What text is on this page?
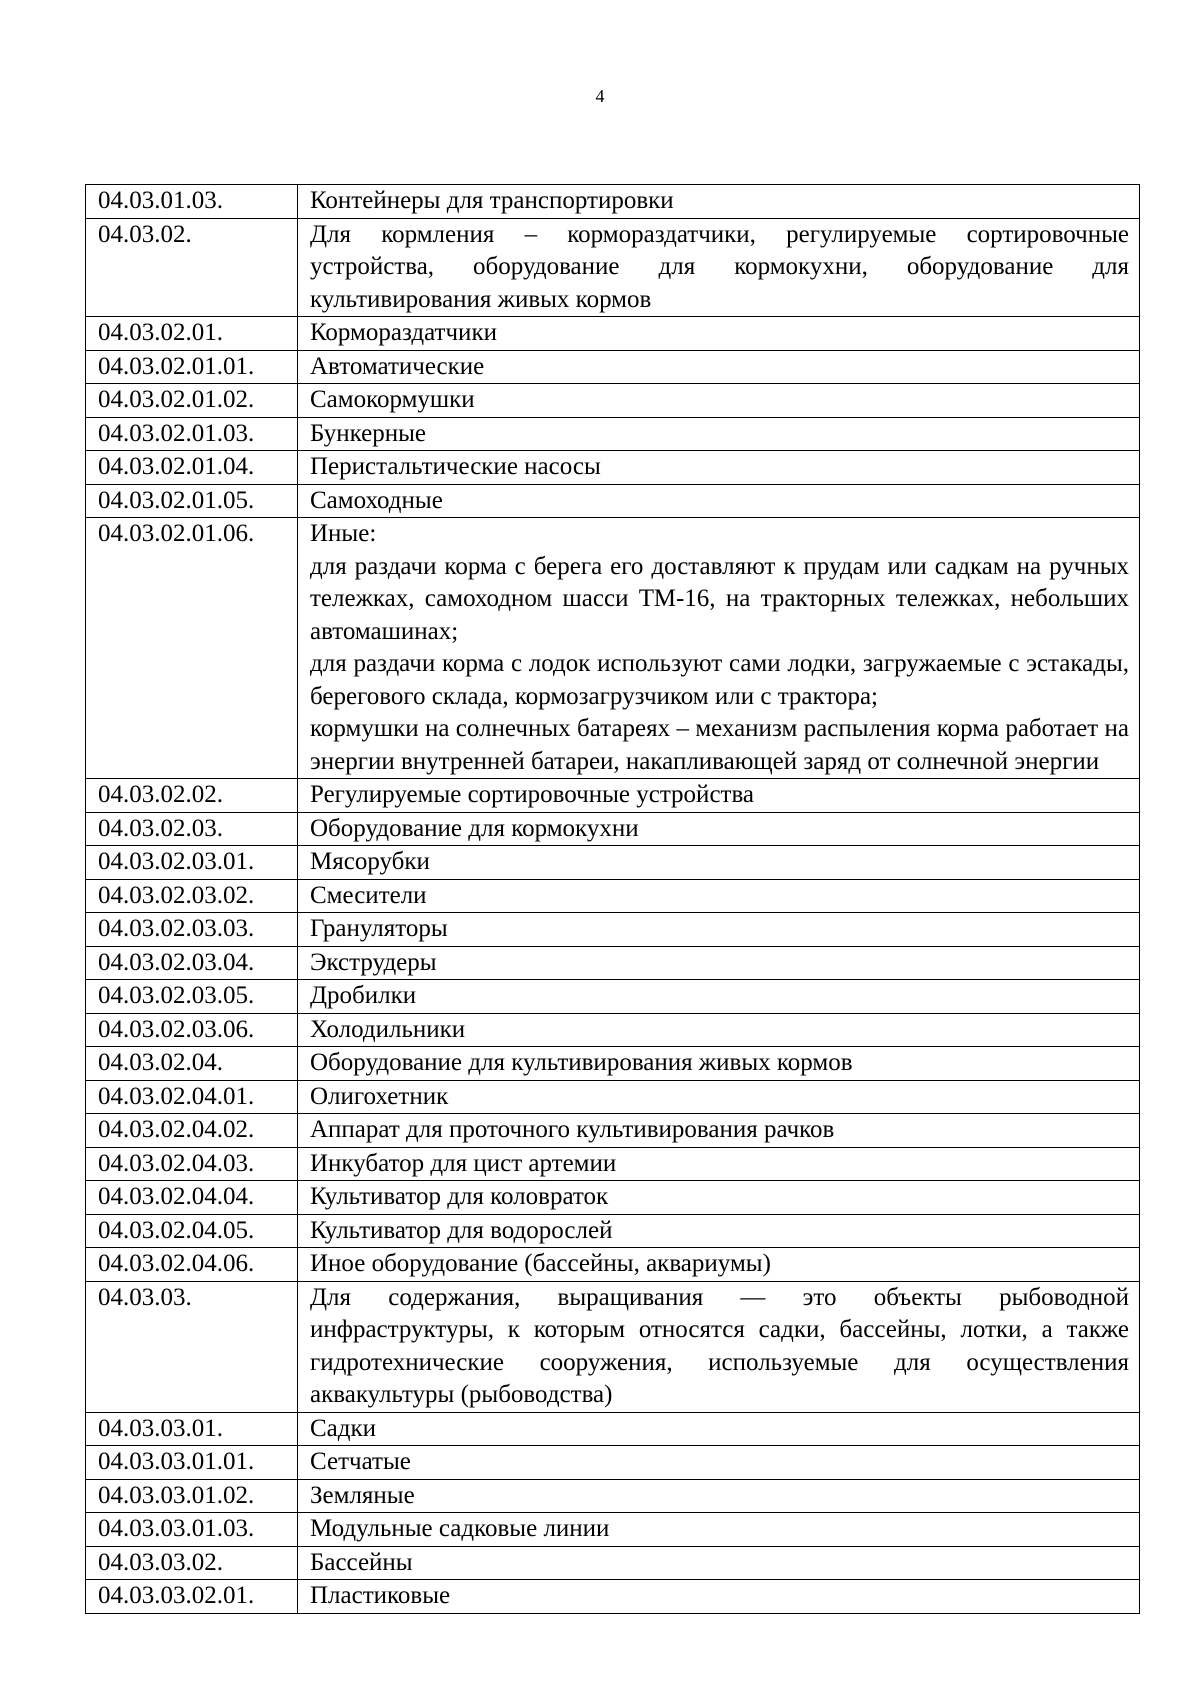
4
04.03.01.03.	Контейнеры для транспортировки

04.03.02.	Для кормления – кормораздатчики, регулируемые сортировочные устройства, оборудование для кормокухни, оборудование для культивирования живых кормов

04.03.02.01.	Кормораздатчики

04.03.02.01.01.	Автоматические

04.03.02.01.02.	Самокормушки

04.03.02.01.03.	Бункерные

04.03.02.01.04.	Перистальтические насосы

04.03.02.01.05.	Самоходные

04.03.02.01.06.	Иные:
для раздачи корма с берега его доставляют к прудам или садкам на ручных тележках, самоходном шасси ТМ-16, на тракторных тележках, небольших автомашинах;
для раздачи корма с лодок используют сами лодки, загружаемые с эстакады, берегового склада, кормозагрузчиком или с трактора;
кормушки на солнечных батареях – механизм распыления корма работает на энергии внутренней батареи, накапливающей заряд от солнечной энергии

04.03.02.02.	Регулируемые сортировочные устройства

04.03.02.03.	Оборудование для кормокухни

04.03.02.03.01.	Мясорубки

04.03.02.03.02.	Смесители

04.03.02.03.03.	Грануляторы

04.03.02.03.04.	Экструдеры

04.03.02.03.05.	Дробилки

04.03.02.03.06.	Холодильники

04.03.02.04.	Оборудование для культивирования живых кормов

04.03.02.04.01.	Олигохетник

04.03.02.04.02.	Аппарат для проточного культивирования рачков

04.03.02.04.03.	Инкубатор для цист артемии

04.03.02.04.04.	Культиватор для коловраток

04.03.02.04.05.	Культиватор для водорослей

04.03.02.04.06.	Иное оборудование (бассейны, аквариумы)

04.03.03.	Для содержания, выращивания — это объекты рыбоводной инфраструктуры, к которым относятся садки, бассейны, лотки, а также гидротехнические сооружения, используемые для осуществления аквакультуры (рыбоводства)

04.03.03.01.	Садки

04.03.03.01.01.	Сетчатые

04.03.03.01.02.	Земляные

04.03.03.01.03.	Модульные садковые линии

04.03.03.02.	Бассейны

04.03.03.02.01.	Пластиковые
